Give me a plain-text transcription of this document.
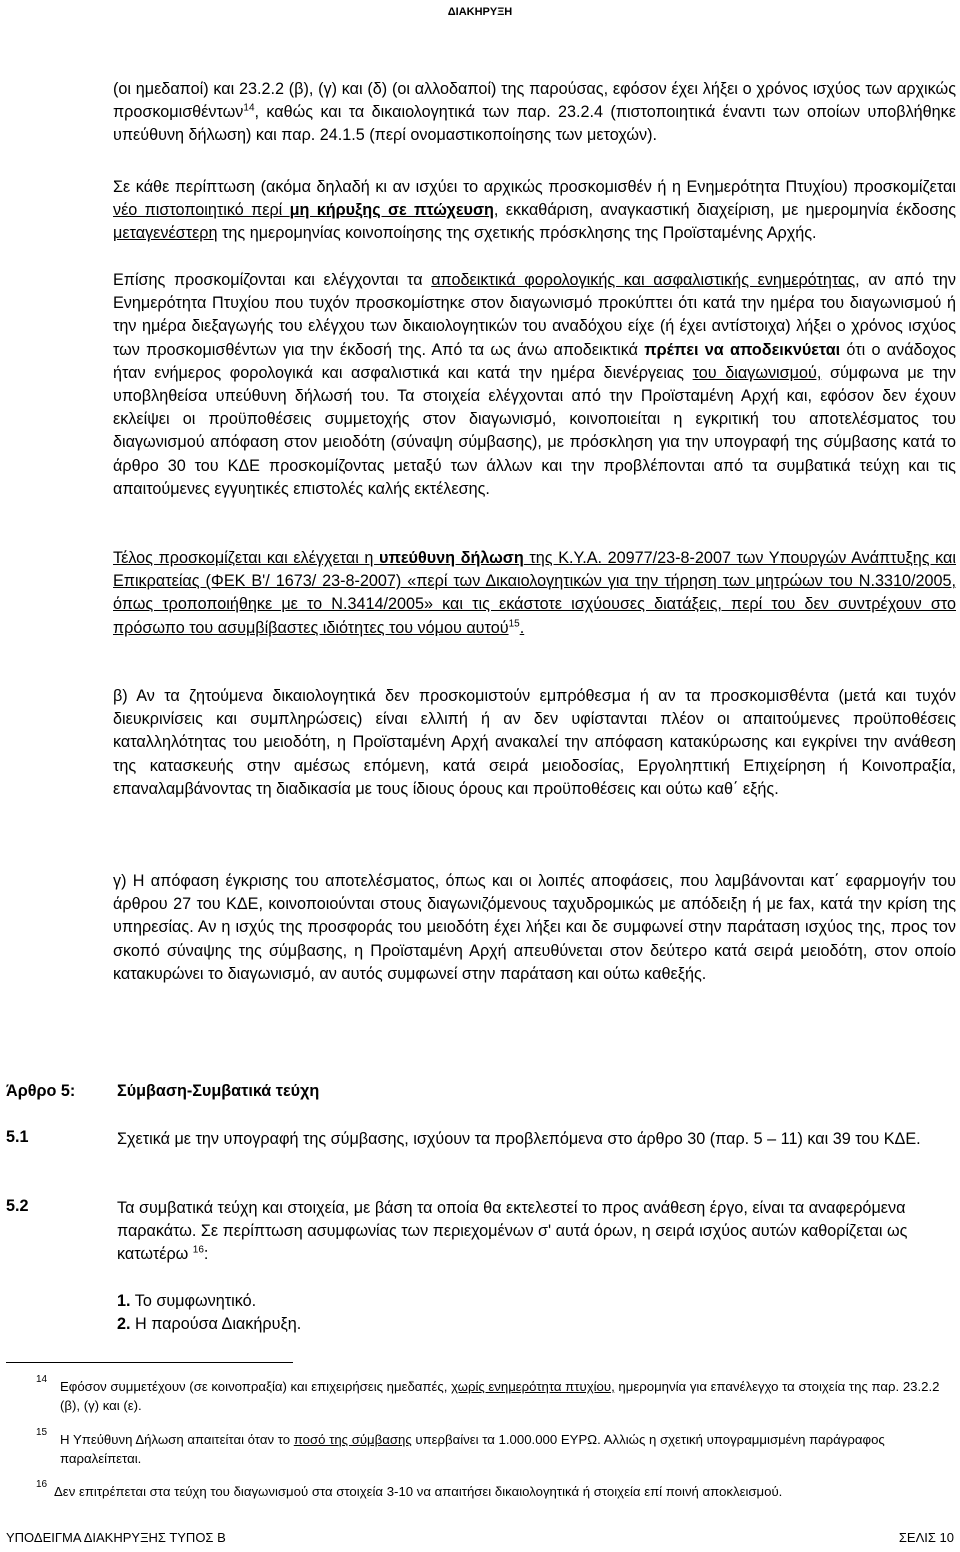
ΔΙΑΚΗΡΥΞΗ

(οι ημεδαποί) και 23.2.2 (β), (γ) και (δ) (οι αλλοδαποί) της παρούσας, εφόσον έχει λήξει ο χρόνος ισχύος των αρχικώς προσκομισθέντων$^{14}$, καθώς και τα δικαιολογητικά των παρ. 23.2.4 (πιστοποιητικά έναντι των οποίων υποβλήθηκε υπεύθυνη δήλωση) και παρ. 24.1.5 (περί ονομαστικοποίησης των μετοχών).

Σε κάθε περίπτωση (ακόμα δηλαδή κι αν ισχύει το αρχικώς προσκομισθέν ή η Ενημερότητα Πτυχίου) προσκομίζεται νέο πιστοποιητικό περί μη κήρυξης σε πτώχευση, εκκαθάριση, αναγκαστική διαχείριση, με ημερομηνία έκδοσης μεταγενέστερη της ημερομηνίας κοινοποίησης της σχετικής πρόσκλησης της Προϊσταμένης Αρχής.

Επίσης προσκομίζονται και ελέγχονται τα αποδεικτικά φορολογικής και ασφαλιστικής ενημερότητας, αν από την Ενημερότητα Πτυχίου που τυχόν προσκομίστηκε στον διαγωνισμό προκύπτει ότι κατά την ημέρα του διαγωνισμού ή την ημέρα διεξαγωγής του ελέγχου των δικαιολογητικών του αναδόχου είχε (ή έχει αντίστοιχα) λήξει ο χρόνος ισχύος των προσκομισθέντων για την έκδοσή της. Από τα ως άνω αποδεικτικά πρέπει να αποδεικνύεται ότι ο ανάδοχος ήταν ενήμερος φορολογικά και ασφαλιστικά και κατά την ημέρα διενέργειας του διαγωνισμού, σύμφωνα με την υποβληθείσα υπεύθυνη δήλωσή του. Τα στοιχεία ελέγχονται από την Προϊσταμένη Αρχή και, εφόσον δεν έχουν εκλείψει οι προϋποθέσεις συμμετοχής στον διαγωνισμό, κοινοποιείται η εγκριτική του αποτελέσματος του διαγωνισμού απόφαση στον μειοδότη (σύναψη σύμβασης), με πρόσκληση για την υπογραφή της σύμβασης κατά το άρθρο 30 του ΚΔΕ προσκομίζοντας μεταξύ των άλλων και την προβλέπονται από τα συμβατικά τεύχη και τις απαιτούμενες εγγυητικές επιστολές καλής εκτέλεσης.

Τέλος προσκομίζεται και ελέγχεται η υπεύθυνη δήλωση της Κ.Υ.Α. 20977/23-8-2007 των Υπουργών Ανάπτυξης και Επικρατείας (ΦΕΚ Β'/ 1673/ 23-8-2007) «περί των Δικαιολογητικών για την τήρηση των μητρώων του Ν.3310/2005, όπως τροποποιήθηκε με το Ν.3414/2005» και τις εκάστοτε ισχύουσες διατάξεις, περί του δεν συντρέχουν στο πρόσωπο του ασυμβίβαστες ιδιότητες του νόμου αυτού$^{15}$.

β) Αν τα ζητούμενα δικαιολογητικά δεν προσκομιστούν εμπρόθεσμα ή αν τα προσκομισθέντα (μετά και τυχόν διευκρινίσεις και συμπληρώσεις) είναι ελλιπή ή αν δεν υφίστανται πλέον οι απαιτούμενες προϋποθέσεις καταλληλότητας του μειοδότη, η Προϊσταμένη Αρχή ανακαλεί την απόφαση κατακύρωσης και εγκρίνει την ανάθεση της κατασκευής στην αμέσως επόμενη, κατά σειρά μειοδοσίας, Εργοληπτική Επιχείρηση ή Κοινοπραξία, επαναλαμβάνοντας τη διαδικασία με τους ίδιους όρους και προϋποθέσεις και ούτω καθ΄ εξής.

γ) Η απόφαση έγκρισης του αποτελέσματος, όπως και οι λοιπές αποφάσεις, που λαμβάνονται κατ΄ εφαρμογήν του άρθρου 27 του ΚΔΕ, κοινοποιούνται στους διαγωνιζόμενους ταχυδρομικώς με απόδειξη ή με fax, κατά την κρίση της υπηρεσίας. Αν η ισχύς της προσφοράς του μειοδότη έχει λήξει και δε συμφωνεί στην παράταση ισχύος της, προς τον σκοπό σύναψης της σύμβασης, η Προϊσταμένη Αρχή απευθύνεται στον δεύτερο κατά σειρά μειοδότη, στον οποίο κατακυρώνει το διαγωνισμό, αν αυτός συμφωνεί στην παράταση και ούτω καθεξής.

Άρθρο 5:	Σύμβαση-Συμβατικά τεύχη
5.1	Σχετικά με την υπογραφή της σύμβασης, ισχύουν τα προβλεπόμενα στο άρθρο 30 (παρ. 5 – 11) και 39 του ΚΔΕ.
5.2	Τα συμβατικά τεύχη και στοιχεία, με βάση τα οποία θα εκτελεστεί το προς ανάθεση έργο, είναι τα αναφερόμενα παρακάτω. Σε περίπτωση ασυμφωνίας των περιεχομένων σ' αυτά όρων, η σειρά ισχύος αυτών καθορίζεται ως κατωτέρω $^{16}$:
1. Το συμφωνητικό.
2. Η παρούσα Διακήρυξη.
14 Εφόσον συμμετέχουν (σε κοινοπραξία) και επιχειρήσεις ημεδαπές, χωρίς ενημερότητα πτυχίου, ημερομηνία για επανέλεγχο τα στοιχεία της παρ. 23.2.2 (β), (γ) και (ε).
15 Η Υπεύθυνη Δήλωση απαιτείται όταν το ποσό της σύμβασης υπερβαίνει τα 1.000.000 ΕΥΡΩ. Αλλιώς η σχετική υπογραμμισμένη παράγραφος παραλείπεται.
16 Δεν επιτρέπεται στα τεύχη του διαγωνισμού στα στοιχεία 3-10 να απαιτήσει δικαιολογητικά ή στοιχεία επί ποινή αποκλεισμού.
ΥΠΟΔΕΙΓΜΑ ΔΙΑΚΗΡΥΞΗΣ ΤΥΠΟΣ Β	ΣΕΛΙΣ 10
